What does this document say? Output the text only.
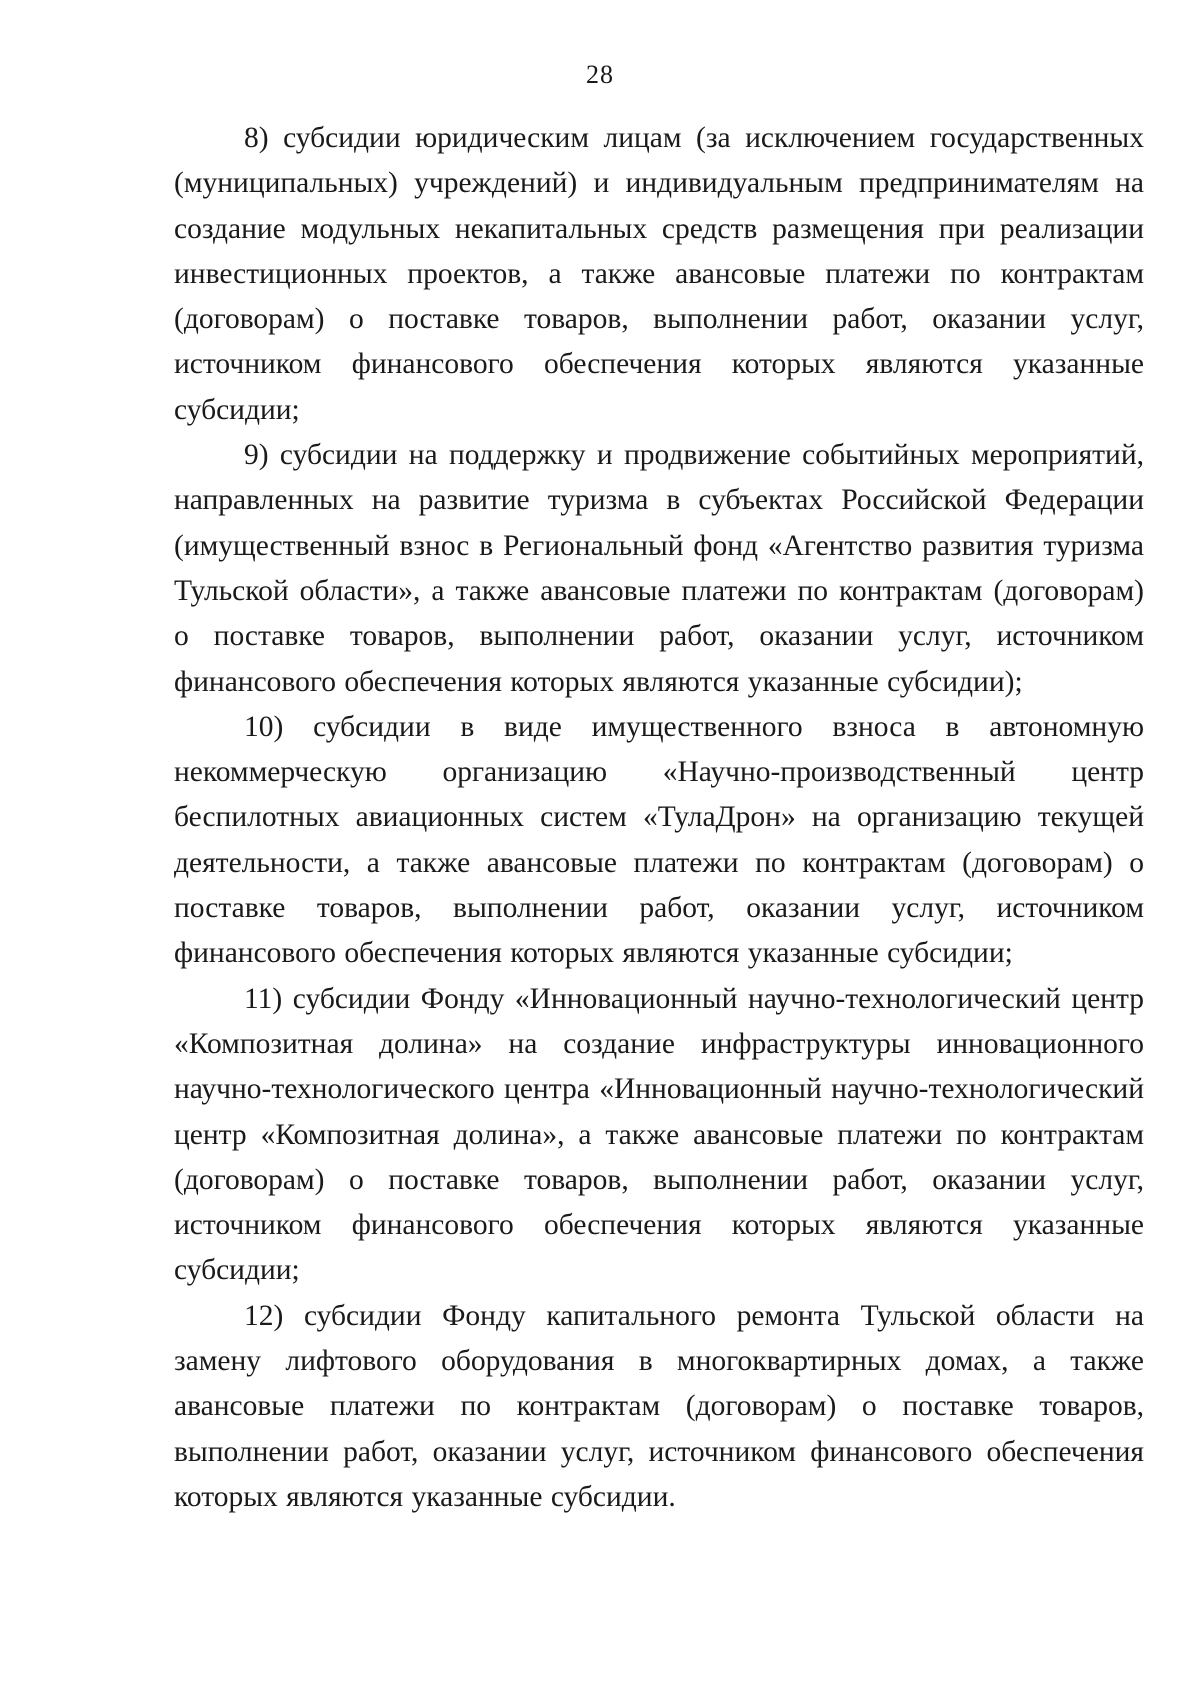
28

8) субсидии юридическим лицам (за исключением государственных (муниципальных) учреждений) и индивидуальным предпринимателям на создание модульных некапитальных средств размещения при реализации инвестиционных проектов, а также авансовые платежи по контрактам (договорам) о поставке товаров, выполнении работ, оказании услуг, источником финансового обеспечения которых являются указанные субсидии;

9) субсидии на поддержку и продвижение событийных мероприятий, направленных на развитие туризма в субъектах Российской Федерации (имущественный взнос в Региональный фонд «Агентство развития туризма Тульской области», а также авансовые платежи по контрактам (договорам) о поставке товаров, выполнении работ, оказании услуг, источником финансового обеспечения которых являются указанные субсидии);

10) субсидии в виде имущественного взноса в автономную некоммерческую организацию «Научно-производственный центр беспилотных авиационных систем «ТулаДрон» на организацию текущей деятельности, а также авансовые платежи по контрактам (договорам) о поставке товаров, выполнении работ, оказании услуг, источником финансового обеспечения которых являются указанные субсидии;

11) субсидии Фонду «Инновационный научно-технологический центр «Композитная долина» на создание инфраструктуры инновационного научно-технологического центра «Инновационный научно-технологический центр «Композитная долина», а также авансовые платежи по контрактам (договорам) о поставке товаров, выполнении работ, оказании услуг, источником финансового обеспечения которых являются указанные субсидии;

12) субсидии Фонду капитального ремонта Тульской области на замену лифтового оборудования в многоквартирных домах, а также авансовые платежи по контрактам (договорам) о поставке товаров, выполнении работ, оказании услуг, источником финансового обеспечения которых являются указанные субсидии.
